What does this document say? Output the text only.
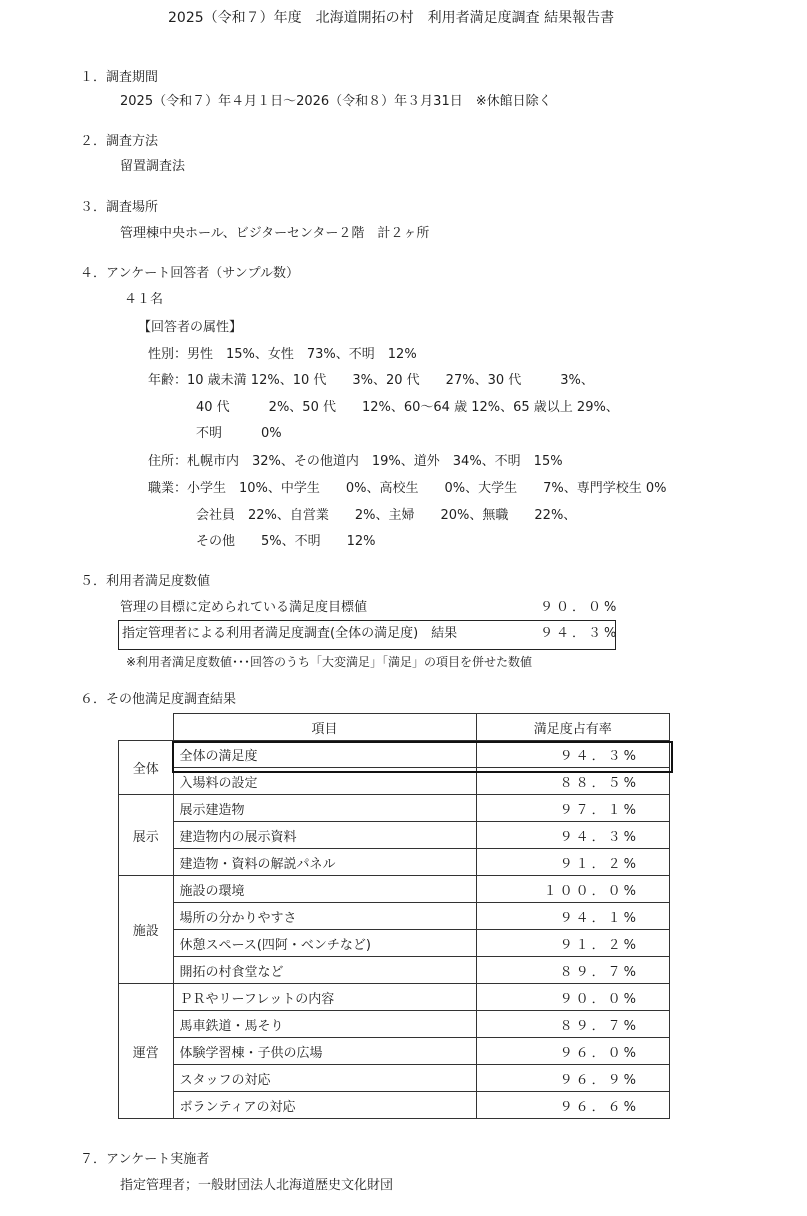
2025（令和７）年度　北海道開拓の村　利用者満足度調査 結果報告書
１．調査期間
2025（令和７）年４月１日～2026（令和８）年３月31日　※休館日除く
２．調査方法
留置調査法
３．調査場所
管理棟中央ホール、ビジターセンター２階　計２ヶ所
４．アンケート回答者（サンプル数）
４１名
【回答者の属性】
性別：男性　15%、女性　73%、不明　12%
年齢：10 歳未満 12%、10 代　　3%、20 代　　27%、30 代　　　3%、
40 代　　　2%、50 代　　12%、60～64 歳 12%、65 歳以上 29%、
不明　　　0%
住所：札幌市内　32%、その他道内　19%、道外　34%、不明　15%
職業：小学生　10%、中学生　　0%、高校生　　0%、大学生　　7%、専門学校生 0%
会社員　22%、自営業　　2%、主婦　　20%、無職　　22%、
その他　　5%、不明　　12%
５．利用者満足度数値
管理の目標に定められている満足度目標値	９０．０%
指定管理者による利用者満足度調査(全体の満足度)　結果	９４．３%
※利用者満足度数値･･･回答のうち「大変満足」「満足」の項目を併せた数値
６．その他満足度調査結果
	項目	満足度占有率
全体	全体の満足度	９４．３%
	入場料の設定	８８．５%
展示	展示建造物	９７．１%
	建造物内の展示資料	９４．３%
	建造物・資料の解説パネル	９１．２%
施設	施設の環境	１００．０%
	場所の分かりやすさ	９４．１%
	休憩スペース(四阿・ベンチなど)	９１．２%
	開拓の村食堂など	８９．７%
運営	ＰＲやリーフレットの内容	９０．０%
	馬車鉄道・馬そり	８９．７%
	体験学習棟・子供の広場	９６．０%
	スタッフの対応	９６．９%
	ボランティアの対応	９６．６%
７．アンケート実施者
指定管理者；一般財団法人北海道歴史文化財団
